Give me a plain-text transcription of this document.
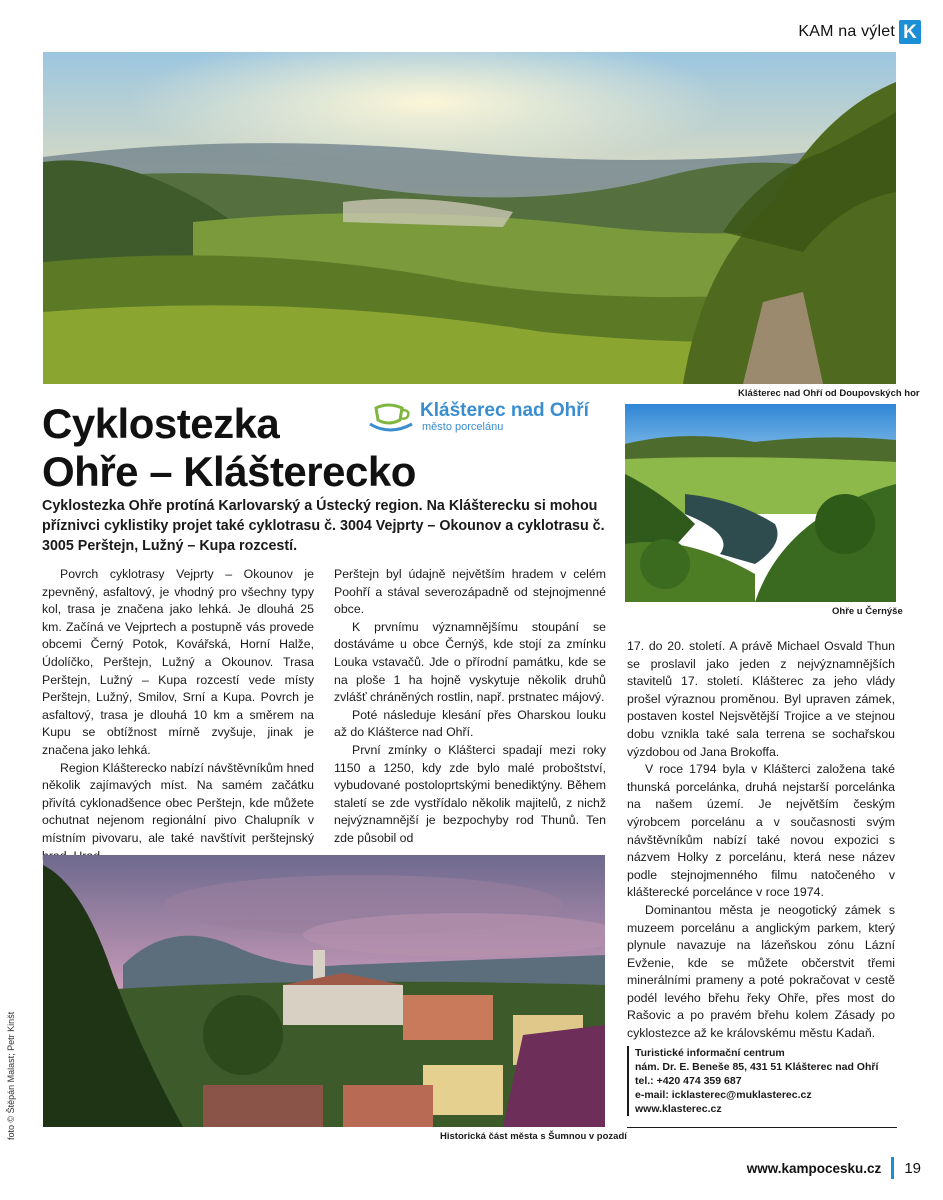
KAM na výlet K
Klášterec nad Ohří od Doupovských hor
Cyklostezka
Ohře – Klášterecko
Klášterec nad Ohří
město porcelánu
Ohře u Černýše
Cyklostezka Ohře protíná Karlovarský a Ústecký region. Na Klášterecku si mohou příznivci cyklistiky projet také cyklotrasu č. 3004 Vejprty – Okounov a cyklotrasu č. 3005 Perštejn, Lužný – Kupa rozcestí.

Povrch cyklotrasy Vejprty – Okounov je zpevněný, asfaltový, je vhodný pro všechny typy kol, trasa je značena jako lehká. Je dlouhá 25 km. Začíná ve Vejprtech a postupně vás provede obcemi Černý Potok, Kovářská, Horní Halže, Údolíčko, Perštejn, Lužný a Okounov. Trasa Perštejn, Lužný – Kupa rozcestí vede místy Perštejn, Lužný, Smilov, Srní a Kupa. Povrch je asfaltový, trasa je dlouhá 10 km a směrem na Kupu se obtížnost mírně zvyšuje, jinak je značena jako lehká.

Region Klášterecko nabízí návštěvníkům hned několik zajímavých míst. Na samém začátku přivítá cyklonadšence obec Perštejn, kde můžete ochutnat nejenom regionální pivo Chalupník v místním pivovaru, ale také navštívit perštejnský

Perštejn byl údajně největším hradem v celém Poohří a stával severozápadně od stejnojmenné obce.

K prvnímu významnějšímu stoupání se dostáváme u obce Černýš, kde stojí za zmínku Louka vstavačů. Jde o přírodní památku, kde se na ploše 1 ha hojně vyskytuje několik druhů zvlášť chráněných rostlin, např. prstnatec májový.

Poté následuje klesání přes Oharskou louku až do Klášterce nad Ohří.

První zmínky o Klášterci spadají mezi roky 1150 a 1250, kdy zde bylo malé proboštství, vybudované postoloprtskými benediktýny. Během staletí se zde vystřídalo několik majitelů, z nichž nejvýznamnější je bezpochyby rod Thunů. Ten zde působil od

17. do 20. století. A právě Michael Osvald Thun se proslavil jako jeden z nejvýznamnějších stavitelů 17. století. Klášterec za jeho vlády prošel výraznou proměnou. Byl upraven zámek, postaven kostel Nejsvětější Trojice a ve stejnou dobu vznikla také sala terrena se sochařskou výzdobou od Jana Brokoffa.

V roce 1794 byla v Klášterci založena také thunská porcelánka, druhá nejstarší porcelánka na našem území. Je největším českým výrobcem porcelánu a v současnosti svým návštěvníkům nabízí také novou expozici s názvem Holky z porcelánu, která nese název podle stejnojmenného filmu natočeného v klášterecké porcelánce v roce 1974.

Dominantou města je neogotický zámek s muzeem porcelánu a anglickým parkem, který plynule navazuje na lázeňskou zónu Lázní Evženie, kde se můžete občerstvit třemi minerálními prameny a poté pokračovat v cestě podél levého břehu řeky Ohře, přes most do Rašovic a po pravém břehu kolem Zásady po cyklostezce až ke královskému městu Kadaň.

Historická část města s Šumnou v pozadí
Turistické informační centrum
nám. Dr. E. Beneše 85, 431 51 Klášterec nad Ohří
tel.: +420 474 359 687
e-mail: icklasterec@muklasterec.cz
www.klasterec.cz
foto © Štěpán Malast; Petr Kinšt
www.kampocesku.cz 19
